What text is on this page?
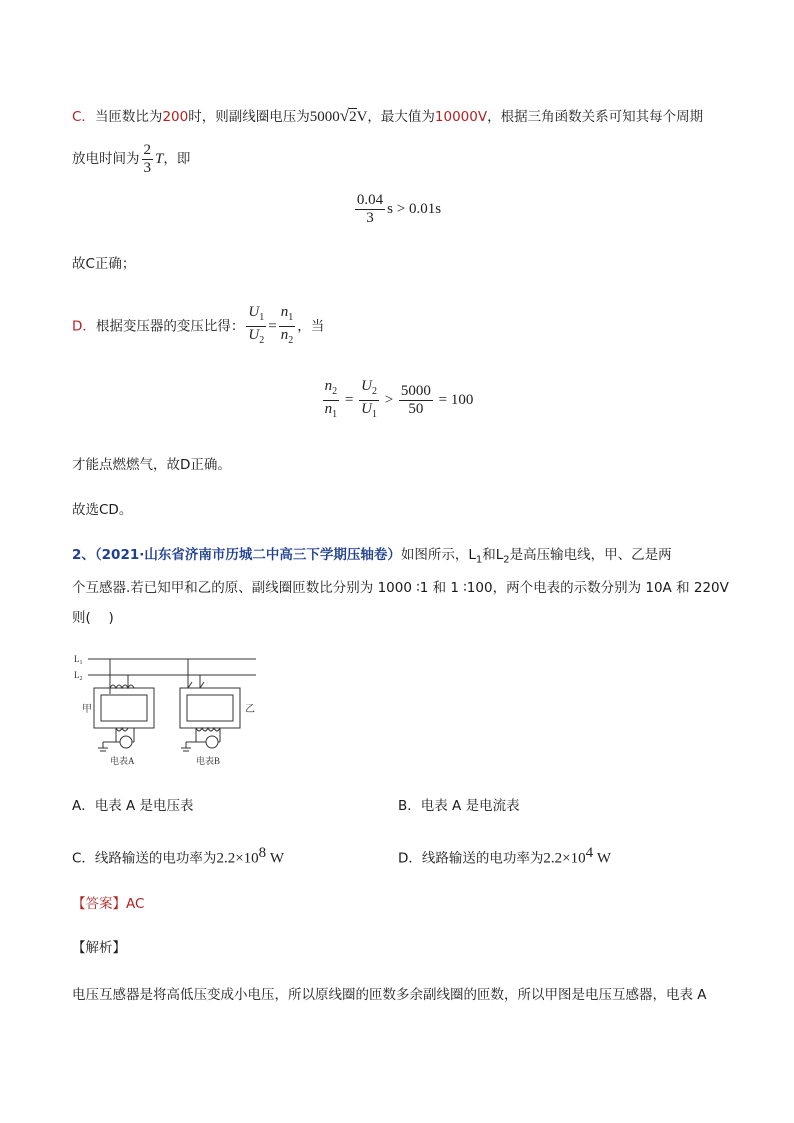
C．当匝数比为200时，则副线圈电压为5000√2V，最大值为10000V，根据三角函数关系可知其每个周期
放电时间为 $\frac{2}{3}$ T，即
$\frac{0.04}{3}$ s > 0.01s
故C正确；
D．根据变压器的变压比得： $\frac{U_1}{U_2} = \frac{n_1}{n_2}$ ，当
$\frac{n_2}{n_1} = \frac{U_2}{U_1} > \frac{5000}{50} = 100$
才能点燃燃气，故D正确。
故选CD。
2、（2021·山东省济南市历城二中高三下学期压轴卷）如图所示，$L_1$和$L_2$是高压输电线，甲、乙是两
个互感器.若已知甲和乙的原、副线圈匝数比分别为 1000 ∶1 和 1 ∶100，两个电表的示数分别为 10A 和 220V
则(　 )
$L_1$
$L_2$
甲	乙
电表A	电表B
A．电表 A 是电压表	B．电表 A 是电流表
C．线路输送的电功率为$2.2\times 10^8$ W	D．线路输送的电功率为$2.2\times 10^4$ W
【答案】AC
【解析】
电压互感器是将高低压变成小电压，所以原线圈的匝数多余副线圈的匝数，所以甲图是电压互感器，电表 A
